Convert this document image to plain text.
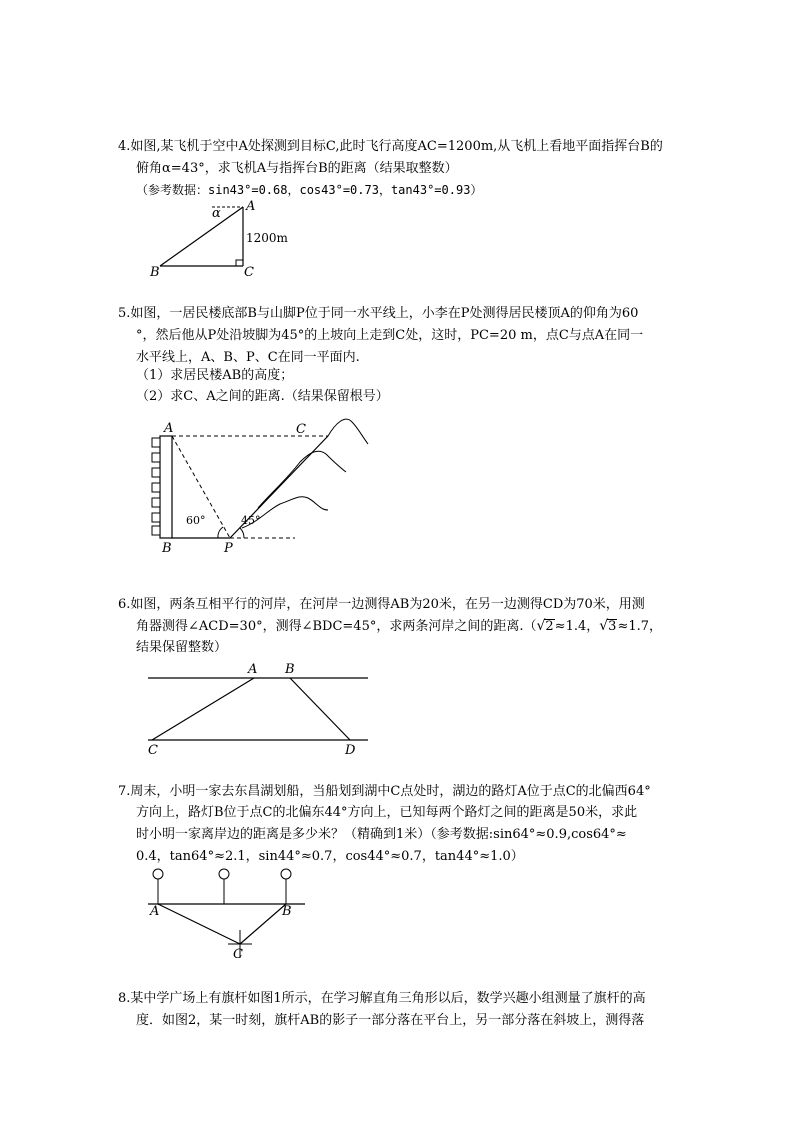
4.如图,某飞机于空中A处探测到目标C,此时飞行高度AC=1200m,从飞机上看地平面指挥台B的
俯角α=43°，求飞机A与指挥台B的距离（结果取整数）
（参考数据：sin43°=0.68，cos43°=0.73，tan43°=0.93）
α A
B	C
1200m
5.如图，一居民楼底部B与山脚P位于同一水平线上，小李在P处测得居民楼顶A的仰角为60
°，然后他从P处沿坡脚为45°的上坡向上走到C处，这时，PC=20 m，点C与点A在同一
水平线上，A、B、P、C在同一平面内.
（1）求居民楼AB的高度；
（2）求C、A之间的距离.（结果保留根号）
C
A
B	P
60°	45°
6.如图，两条互相平行的河岸，在河岸一边测得AB为20米，在另一边测得CD为70米，用测
角器测得∠ACD=30°，测得∠BDC=45°，求两条河岸之间的距离.（√2≈1.4，√3≈1.7，
结果保留整数）
A B
C	D
7.周末，小明一家去东昌湖划船，当船划到湖中C点处时，湖边的路灯A位于点C的北偏西64°
方向上，路灯B位于点C的北偏东44°方向上，已知每两个路灯之间的距离是50米，求此
时小明一家离岸边的距离是多少米？（精确到1米）（参考数据:sin64°≈0.9,cos64°≈
0.4，tan64°≈2.1，sin44°≈0.7，cos44°≈0.7，tan44°≈1.0）
A	B
C
8.某中学广场上有旗杆如图1所示，在学习解直角三角形以后，数学兴趣小组测量了旗杆的高
度．如图2，某一时刻，旗杆AB的影子一部分落在平台上，另一部分落在斜坡上，测得落
